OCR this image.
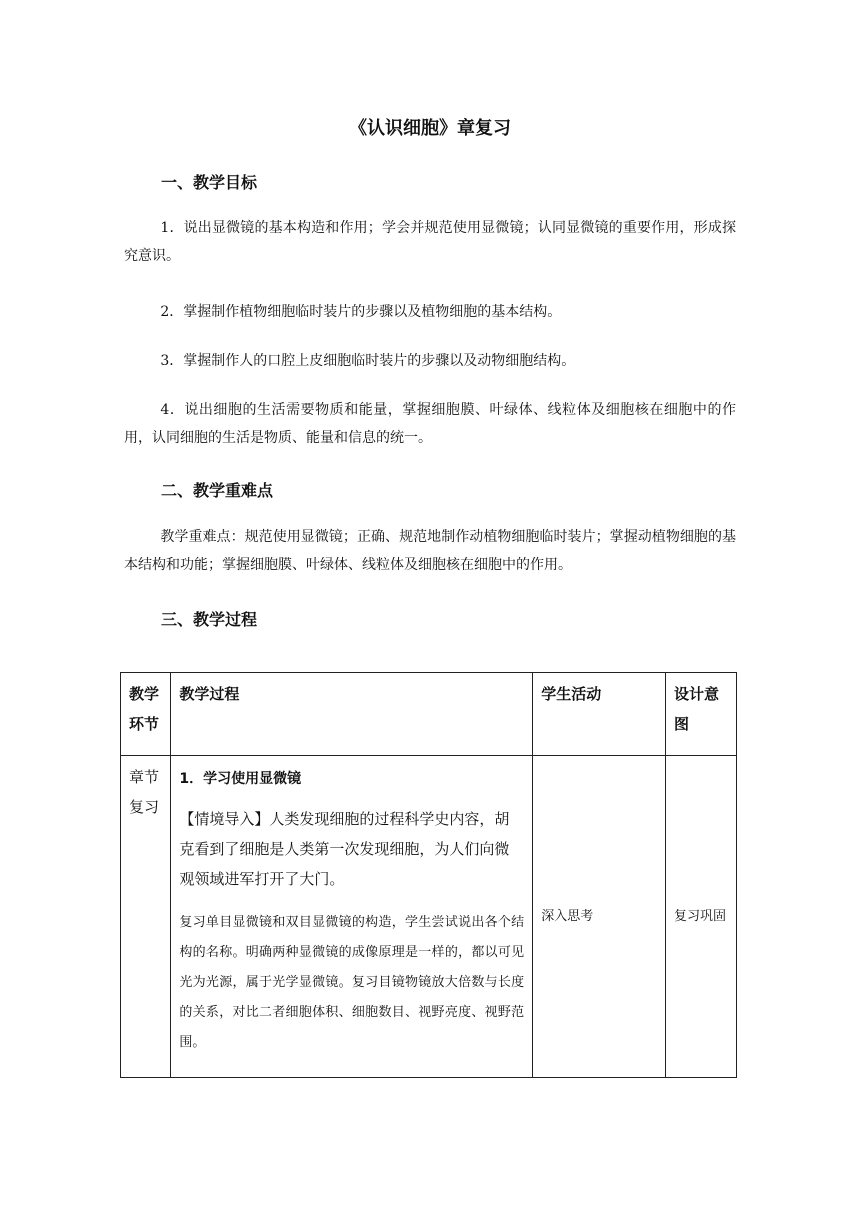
《认识细胞》章复习
一、教学目标
1．说出显微镜的基本构造和作用；学会并规范使用显微镜；认同显微镜的重要作用，形成探究意识。
2．掌握制作植物细胞临时装片的步骤以及植物细胞的基本结构。
3．掌握制作人的口腔上皮细胞临时装片的步骤以及动物细胞结构。
4．说出细胞的生活需要物质和能量，掌握细胞膜、叶绿体、线粒体及细胞核在细胞中的作用，认同细胞的生活是物质、能量和信息的统一。
二、教学重难点
教学重难点：规范使用显微镜；正确、规范地制作动植物细胞临时装片；掌握动植物细胞的基本结构和功能；掌握细胞膜、叶绿体、线粒体及细胞核在细胞中的作用。
三、教学过程
教学环节	教学过程	学生活动	设计意图
章节复习	1．学习使用显微镜
【情境导入】人类发现细胞的过程科学史内容，胡克看到了细胞是人类第一次发现细胞，为人们向微观领域进军打开了大门。
复习单目显微镜和双目显微镜的构造，学生尝试说出各个结构的名称。明确两种显微镜的成像原理是一样的，都以可见光为光源，属于光学显微镜。复习目镜物镜放大倍数与长度的关系，对比二者细胞体积、细胞数目、视野亮度、视野范围。	深入思考	复习巩固
